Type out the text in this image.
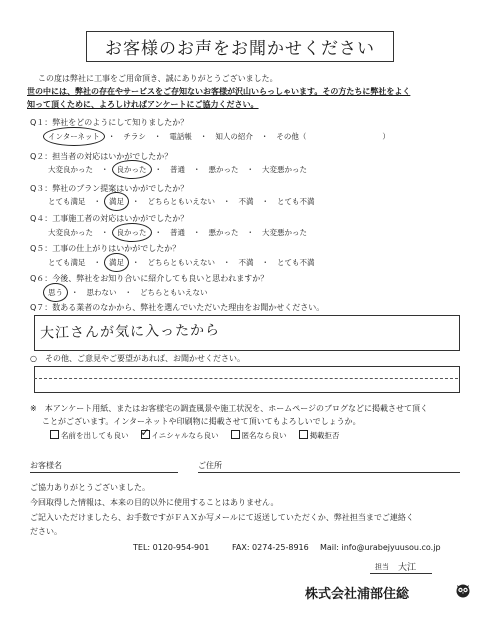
お客様のお声をお聞かせください
この度は弊社に工事をご用命頂き、誠にありがとうございました。
世の中には、弊社の存在やサービスをご存知ないお客様が沢山いらっしゃいます。その方たちに弊社をよく
知って頂くために、よろしければアンケートにご協力ください。
Q１：弊社をどのようにして知りましたか？
インターネット ・ チラシ ・ 電話帳 ・ 知人の紹介 ・ その他（	）
Q２：担当者の対応はいかがでしたか？
大変良かった ・ 良かった ・ 普通 ・ 悪かった ・ 大変悪かった
Q３：弊社のプラン提案はいかがでしたか？
とても満足 ・ 満足 ・ どちらともいえない ・ 不満 ・ とても不満
Q４：工事施工者の対応はいかがでしたか？
大変良かった ・ 良かった ・ 普通 ・ 悪かった ・ 大変悪かった
Q５：工事の仕上がりはいかがでしたか？
とても満足 ・ 満足 ・ どちらともいえない ・ 不満 ・ とても不満
Q６：今後、弊社をお知り合いに紹介しても良いと思われますか？
思う ・ 思わない ・ どちらともいえない
Q７：数ある業者のなかから、弊社を選んでいただいた理由をお聞かせください。
大江さんが気に入ったから
○　その他、ご意見やご要望があれば、お聞かせください。
※　本アンケート用紙、またはお客様宅の調査風景や施工状況を、ホームページのブログなどに掲載させて頂く
ことがございます。インターネットや印刷物に掲載させて頂いてもよろしいでしょうか。
名前を出しても良い ✓ イニシャルなら良い	匿名なら良い	掲載拒否
お客様名	ご住所
ご協力ありがとうございました。
今回取得した情報は、本来の目的以外に使用することはありません。
ご記入いただけましたら、お手数ですがＦＡＸか写メールにて返送していただくか、弊社担当までご連絡く
ださい。
TEL: 0120-954-901	FAX: 0274-25-8916 Mail: info@urabejyuusou.co.jp
担当 大江
株式会社浦部住総
